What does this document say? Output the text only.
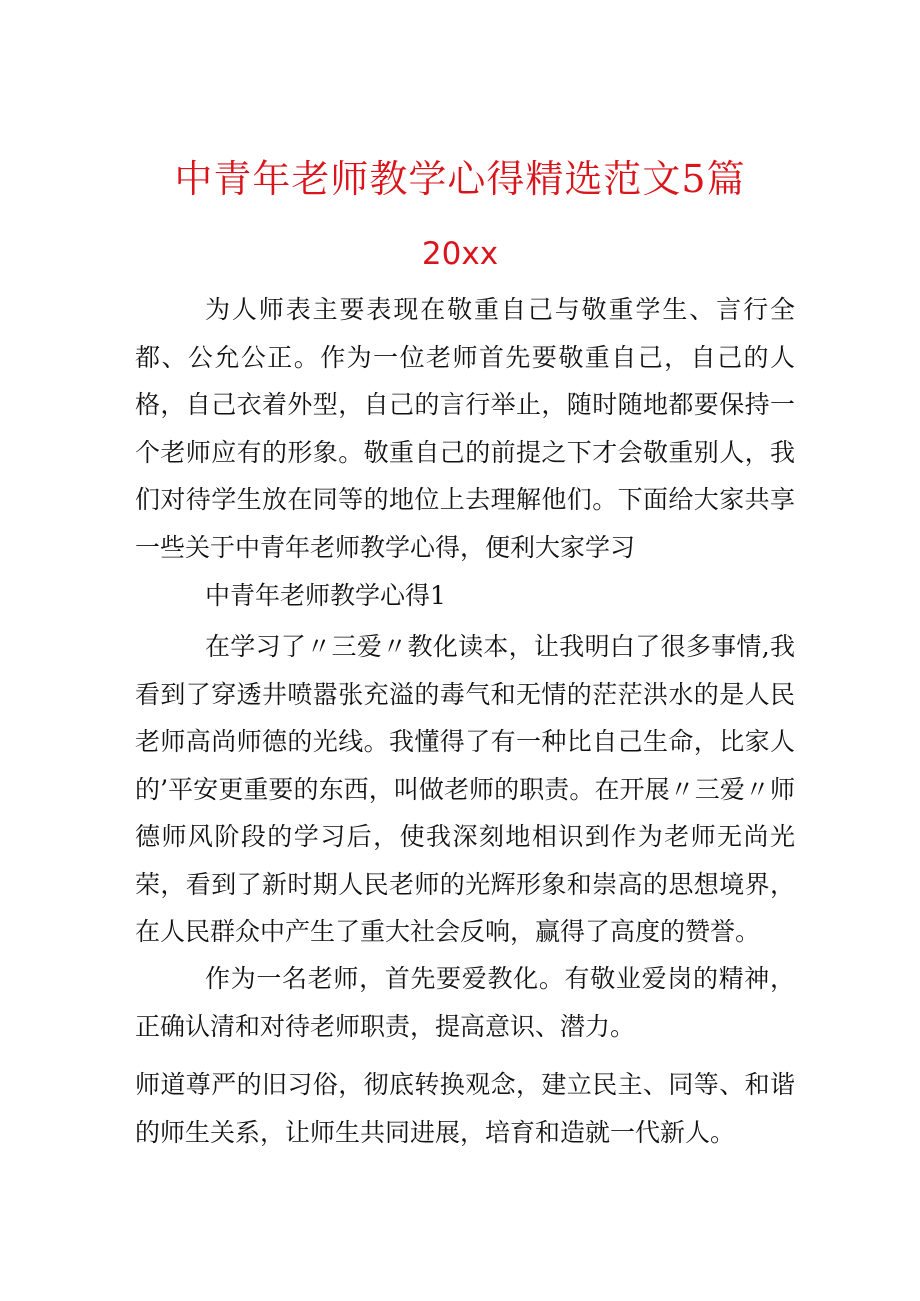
中青年老师教学心得精选范文5篇
20xx

为人师表主要表现在敬重自己与敬重学生、言行全都、公允公正。作为一位老师首先要敬重自己，自己的人格，自己衣着外型，自己的言行举止，随时随地都要保持一个老师应有的形象。敬重自己的前提之下才会敬重别人，我们对待学生放在同等的地位上去理解他们。下面给大家共享一些关于中青年老师教学心得，便利大家学习

中青年老师教学心得1

在学习了〃三爱〃教化读本，让我明白了很多事情,我看到了穿透井喷嚣张充溢的毒气和无情的茫茫洪水的是人民老师高尚师德的光线。我懂得了有一种比自己生命，比家人的’平安更重要的东西，叫做老师的职责。在开展〃三爱〃师德师风阶段的学习后，使我深刻地相识到作为老师无尚光荣，看到了新时期人民老师的光辉形象和崇高的思想境界，在人民群众中产生了重大社会反响，赢得了高度的赞誉。

作为一名老师，首先要爱教化。有敬业爱岗的精神，正确认清和对待老师职责，提高意识、潜力。

师道尊严的旧习俗，彻底转换观念，建立民主、同等、和谐的师生关系，让师生共同进展，培育和造就一代新人。
